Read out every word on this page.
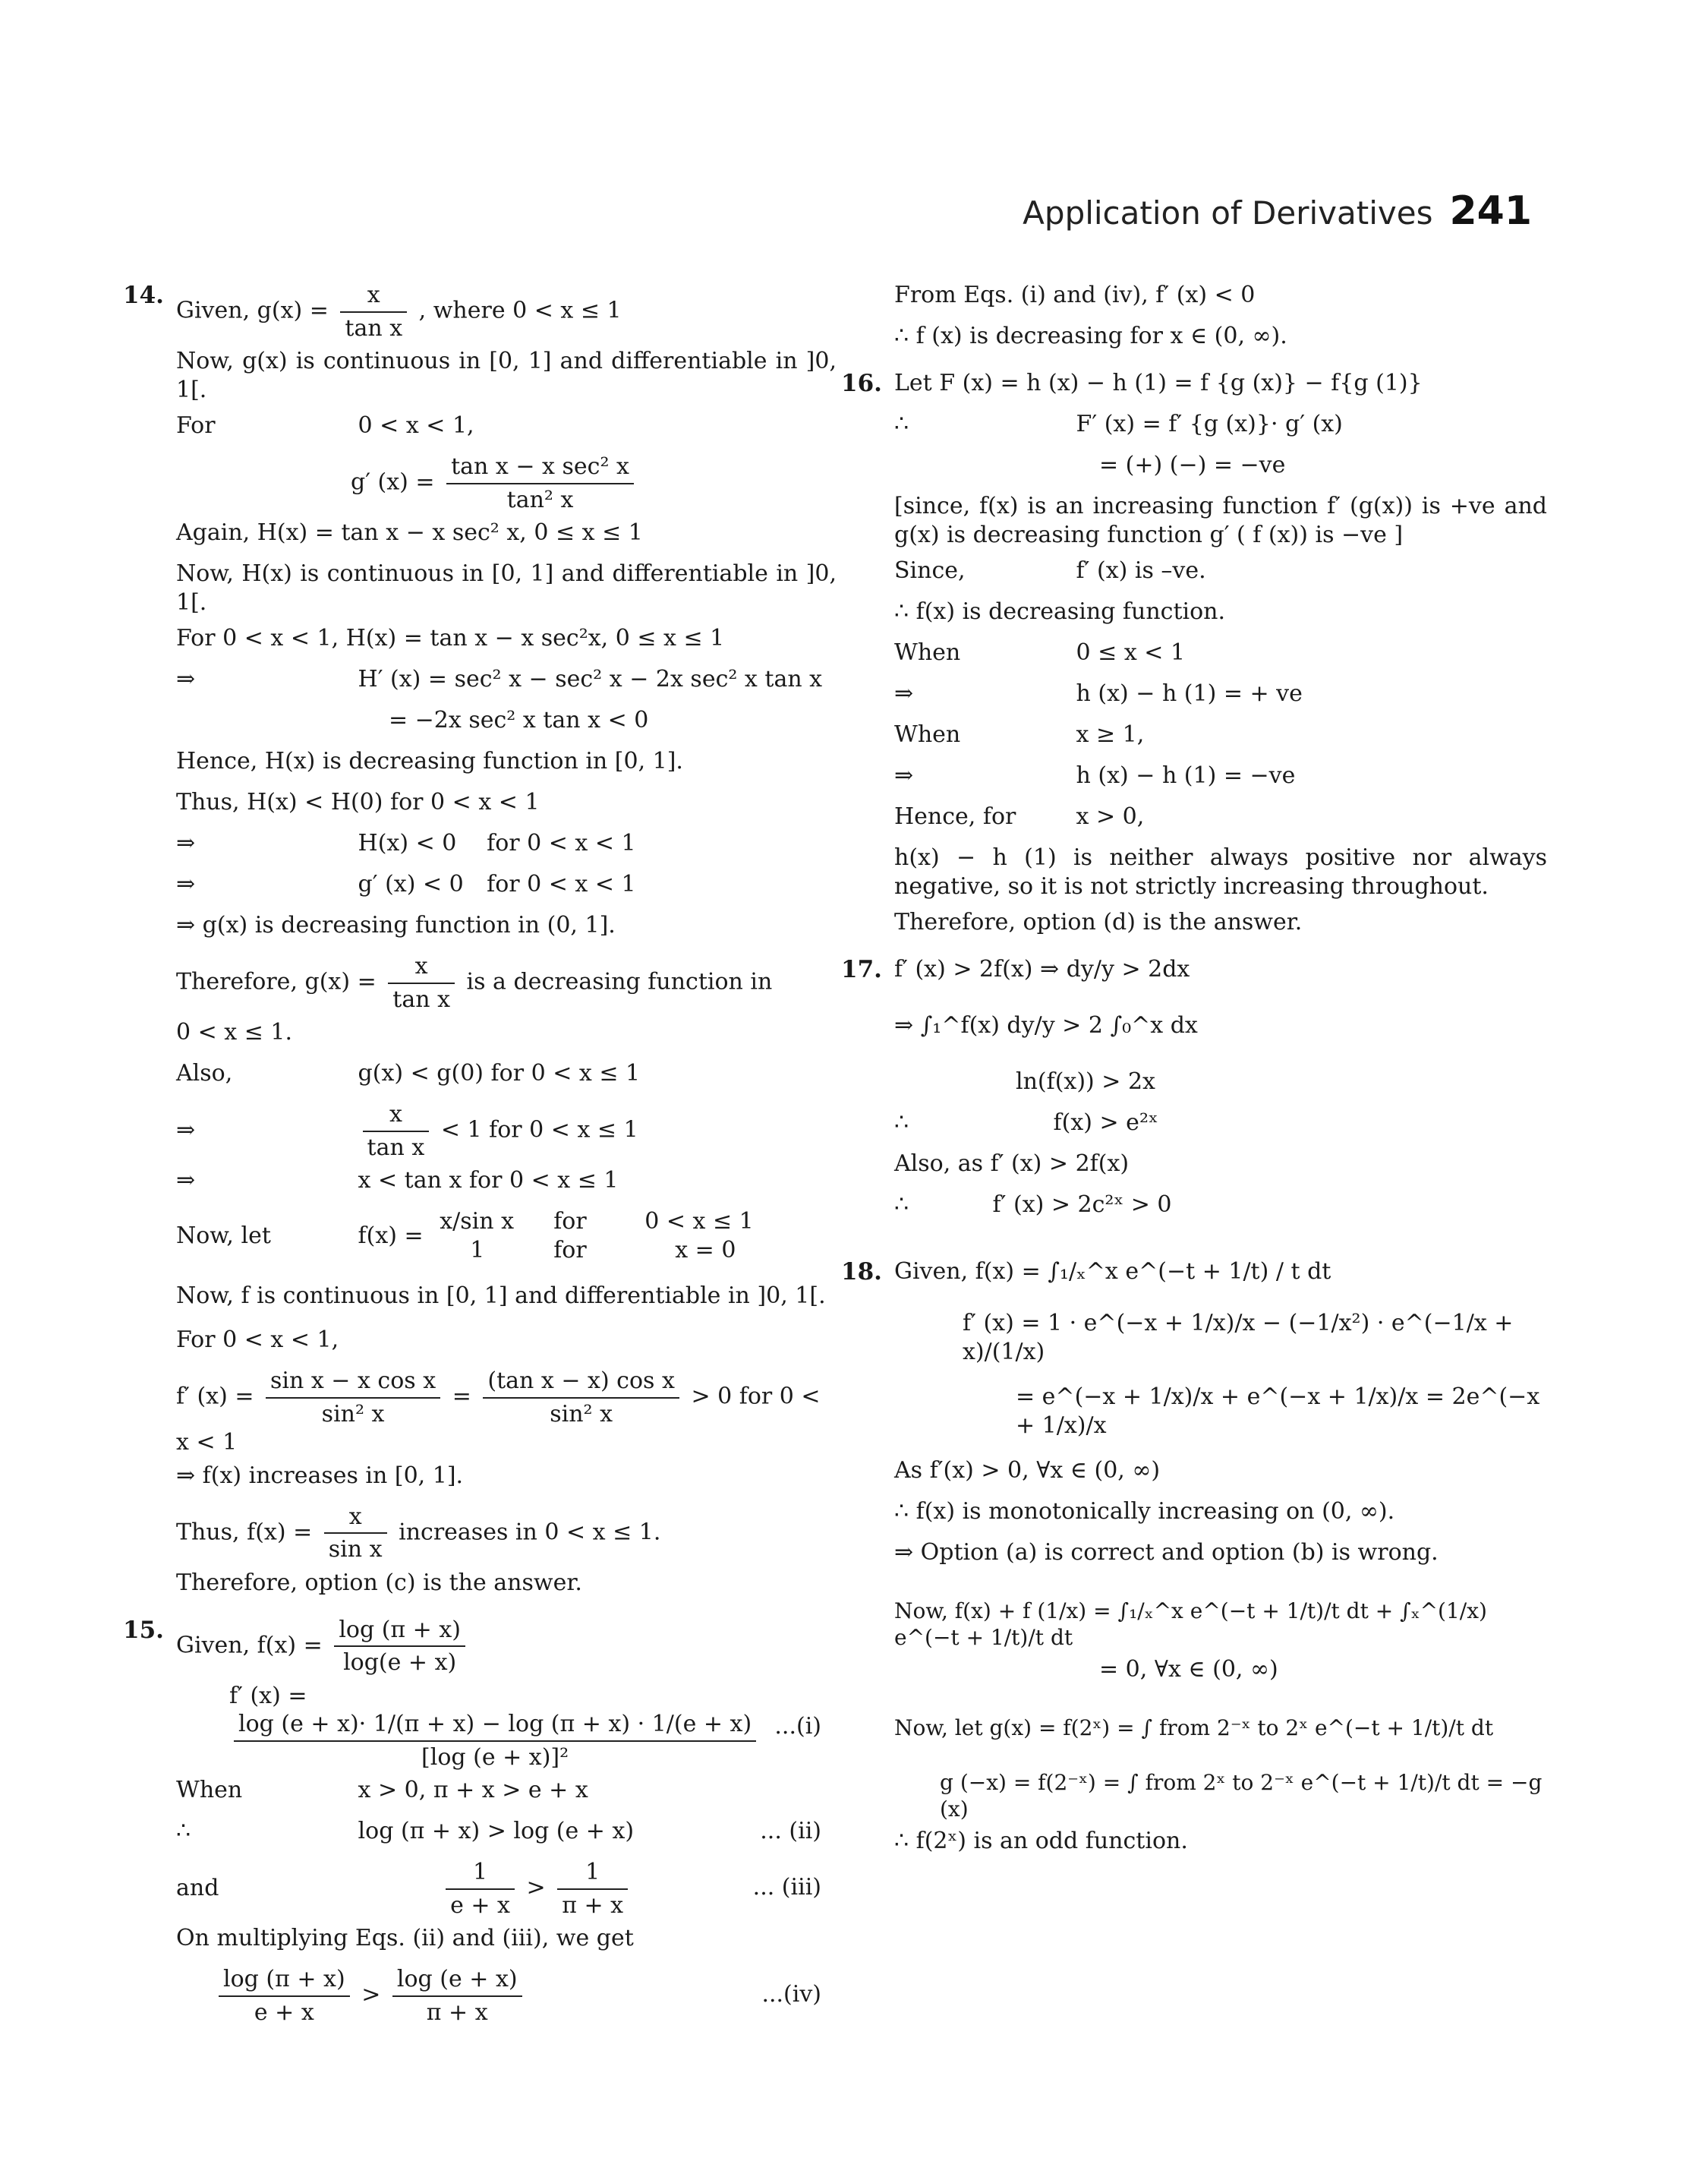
Application of Derivatives 241
14.
Given, $g(x) = \frac{x}{\text{tan x}}$ , where 0 < x ≤ 1
Now, g(x) is continuous in [0, 1] and differentiable in ]0, 1[.
For	0 < x < 1,
g′ $(x) = \frac{\text{tan x − x sec² x}}{\text{tan² x}}$
Again, H(x) = tan x − x sec² x, 0 ≤ x ≤ 1
Now, H(x) is continuous in [0, 1] and differentiable in ]0, 1[.
For 0 < x < 1, H(x) = tan x − x sec²x, 0 ≤ x ≤ 1
⇒	H′ (x) = sec² x − sec² x − 2x sec² x tan x
= −2x sec² x tan x < 0
Hence, H(x) is decreasing function in [0, 1].
Thus, H(x) < H(0) for 0 < x < 1
⇒	H(x) < 0 for 0 < x < 1
⇒	g′ (x) < 0 for 0 < x < 1
⇒ g(x) is decreasing function in (0, 1].
Therefore, $g(x) = \frac{x}{\text{tan x}}$ is a decreasing function in
0 < x ≤ 1.
Also,	g(x) < g(0) for 0 < x ≤ 1
⇒	$\frac{x}{\text{tan x}} < 1$ for 0 < x ≤ 1
⇒	x < tan x for 0 < x ≤ 1
Now, let	f(x) =
x/sin x for	0 < x ≤ 1
1	for	x = 0
Now, f is continuous in [0, 1] and differentiable in ]0, 1[.
For 0 < x < 1,
f′ $(x) = \frac{\text{sin x − x cos x}}{\text{sin² x}} = \frac{\text{(tan x − x) cos x}}{\text{sin² x}} > 0$ for 0 < x < 1
⇒ f(x) increases in [0, 1].
Thus, $f(x) = \frac{x}{\text{sin x}}$ increases in 0 < x ≤ 1.
Therefore, option (c) is the answer.
15.
Given, $f(x) = \frac{\log (\pi + x)}{\log(e + x)}$
f′ (x) =
$\frac{\log (e + x)\cdot 1/(\pi + x) - \log (\pi + x) \cdot 1/(e + x)}{\text{[log (e + x)]²}} ...(i)$
When	x > 0, π + x > e + x
∴	log (π + x) > log (e + x)	... (ii)
and	$\frac{1}{e + x} > \frac{1}{\pi + x}$	... (iii)
On multiplying Eqs. (ii) and (iii), we get
$\frac{\log (\pi + x)}{e + x} > \frac{\log (e + x)}{\pi + x}$	...(iv)
From Eqs. (i) and (iv), f′ (x) < 0
∴ f (x) is decreasing for x ∈ (0, ∞).
16. Let F (x) = h (x) − h (1) = f {g (x)} − f{g (1)}
∴	F′ (x) = f′ {g (x)}· g′ (x)
= (+) (−) = −ve
[since, f(x) is an increasing function f′ (g(x)) is +ve and g(x) is decreasing function g′ ( f (x)) is −ve ]
Since,	f′ (x) is –ve.
∴ f(x) is decreasing function.
When	0 ≤ x < 1
⇒	h (x) − h (1) = + ve
When	x ≥ 1,
⇒	h (x) − h (1) = −ve
Hence, for	x > 0,
h(x) − h (1) is neither always positive nor always negative, so it is not strictly increasing throughout.
Therefore, option (d) is the answer.
17. f′ (x) > 2f(x) ⇒ dy/y > 2dx
⇒ ∫₁^f(x) dy/y > 2 ∫₀^x dx
ln(f(x)) > 2x
∴	f(x) > e²ˣ
Also, as f′ (x) > 2f(x)
∴	f′ (x) > 2c²ˣ > 0
18. Given, f(x) = ∫₁/ₓ^x e^(−t + 1/t) / t dt
f′ (x) = 1 · e^(−x + 1/x)/x − (−1/x²) · e^(−1/x + x)/(1/x)
= e^(−x + 1/x)/x + e^(−x + 1/x)/x = 2e^(−x + 1/x)/x
As f′(x) > 0, ∀x ∈ (0, ∞)
∴ f(x) is monotonically increasing on (0, ∞).
⇒ Option (a) is correct and option (b) is wrong.
Now, f(x) + f (1/x) = ∫₁/ₓ^x e^(−t + 1/t)/t dt + ∫ₓ^(1/x) e^(−t + 1/t)/t dt
= 0, ∀x ∈ (0, ∞)
Now, let g(x) = f(2ˣ) = ∫ from 2⁻ˣ to 2ˣ e^(−t + 1/t)/t dt
g (−x) = f(2⁻ˣ) = ∫ from 2ˣ to 2⁻ˣ e^(−t + 1/t)/t dt = −g (x)
∴ f(2ˣ) is an odd function.
